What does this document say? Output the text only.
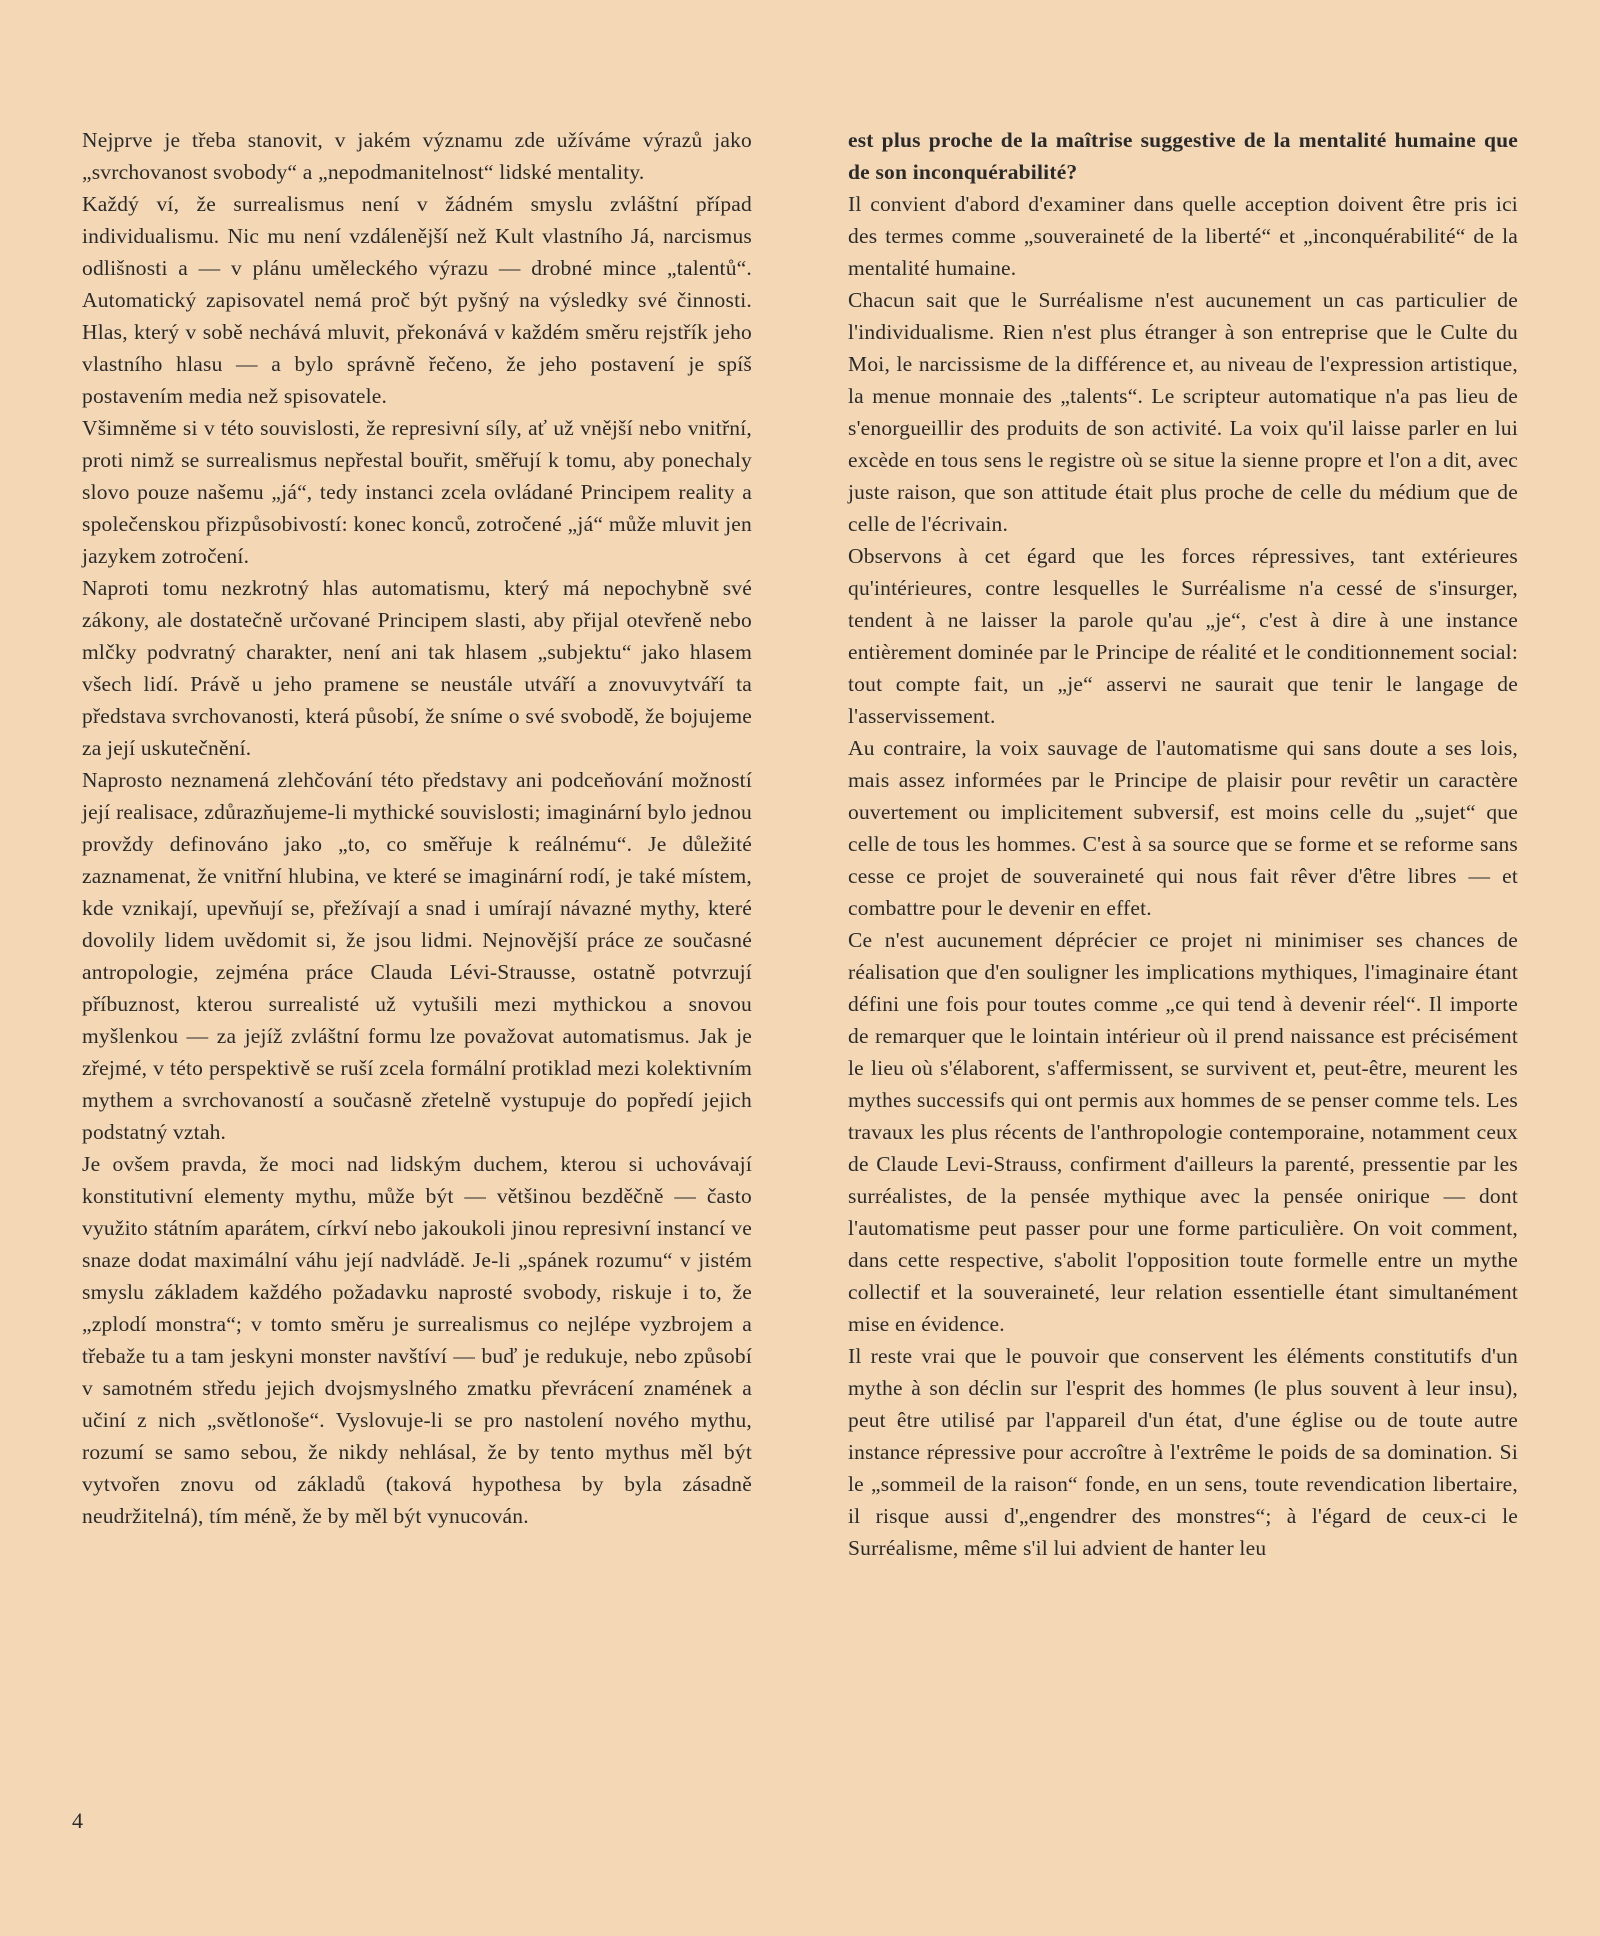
Nejprve je třeba stanovit, v jakém významu zde užíváme výrazů jako „svrchovanost svobody“ a „nepodmanitelnost“ lidské mentality.

Každý ví, že surrealismus není v žádném smyslu zvláštní případ individualismu. Nic mu není vzdálenější než Kult vlastního Já, narcismus odlišnosti a — v plánu uměleckého výrazu — drobné mince „talentů“. Automatický zapisovatel nemá proč být pyšný na výsledky své činnosti. Hlas, který v sobě nechává mluvit, překonává v každém směru rejstřík jeho vlastního hlasu — a bylo správně řečeno, že jeho postavení je spíš postavením media než spisovatele.

Všimněme si v této souvislosti, že represivní síly, ať už vnější nebo vnitřní, proti nimž se surrealismus nepřestal bouřit, směřují k tomu, aby ponechaly slovo pouze našemu „já“, tedy instanci zcela ovládané Principem reality a společenskou přizpůsobivostí: konec konců, zotročené „já“ může mluvit jen jazykem zotročení.

Naproti tomu nezkrotný hlas automatismu, který má nepochybně své zákony, ale dostatečně určované Principem slasti, aby přijal otevřeně nebo mlčky podvratný charakter, není ani tak hlasem „subjektu“ jako hlasem všech lidí. Právě u jeho pramene se neustále utváří a znovuvytváří ta představa svrchovanosti, která působí, že sníme o své svobodě, že bojujeme za její uskutečnění.

Naprosto neznamená zlehčování této představy ani podceňování možností její realisace, zdůrazňujeme-li mythické souvislosti; imaginární bylo jednou provždy definováno jako „to, co směřuje k reálnému“. Je důležité zaznamenat, že vnitřní hlubina, ve které se imaginární rodí, je také místem, kde vznikají, upevňují se, přežívají a snad i umírají návazné mythy, které dovolily lidem uvědomit si, že jsou lidmi. Nejnovější práce ze současné antropologie, zejména práce Clauda Lévi-Strausse, ostatně potvrzují příbuznost, kterou surrealisté už vytušili mezi mythickou a snovou myšlenkou — za jejíž zvláštní formu lze považovat automatismus. Jak je zřejmé, v této perspektivě se ruší zcela formální protiklad mezi kolektivním mythem a svrchovaností a současně zřetelně vystupuje do popředí jejich podstatný vztah.

Je ovšem pravda, že moci nad lidským duchem, kterou si uchovávají konstitutivní elementy mythu, může být — většinou bezděčně — často využito státním aparátem, církví nebo jakoukoli jinou represivní instancí ve snaze dodat maximální váhu její nadvládě. Je-li „spánek rozumu“ v jistém smyslu základem každého požadavku naprosté svobody, riskuje i to, že „zplodí monstra“; v tomto směru je surrealismus co nejlépe vyzbrojem a třebaže tu a tam jeskyni monster navštíví — buď je redukuje, nebo způsobí v samotném středu jejich dvojsmyslného zmatku převrácení znamének a učiní z nich „světlonoše“. Vyslovuje-li se pro nastolení nového mythu, rozumí se samo sebou, že nikdy nehlásal, že by tento mythus měl být vytvořen znovu od základů (taková hypothesa by byla zásadně neudržitelná), tím méně, že by měl být vynucován.

est plus proche de la maîtrise suggestive de la mentalité humaine que de son inconquérabilité?

Il convient d'abord d'examiner dans quelle acception doivent être pris ici des termes comme „souveraineté de la liberté“ et „inconquérabilité“ de la mentalité humaine.

Chacun sait que le Surréalisme n'est aucunement un cas particulier de l'individualisme. Rien n'est plus étranger à son entreprise que le Culte du Moi, le narcissisme de la différence et, au niveau de l'expression artistique, la menue monnaie des „talents“. Le scripteur automatique n'a pas lieu de s'enorgueillir des produits de son activité. La voix qu'il laisse parler en lui excède en tous sens le registre où se situe la sienne propre et l'on a dit, avec juste raison, que son attitude était plus proche de celle du médium que de celle de l'écrivain.

Observons à cet égard que les forces répressives, tant extérieures qu'intérieures, contre lesquelles le Surréalisme n'a cessé de s'insurger, tendent à ne laisser la parole qu'au „je“, c'est à dire à une instance entièrement dominée par le Principe de réalité et le conditionnement social: tout compte fait, un „je“ asservi ne saurait que tenir le langage de l'asservissement.

Au contraire, la voix sauvage de l'automatisme qui sans doute a ses lois, mais assez informées par le Principe de plaisir pour revêtir un caractère ouvertement ou implicitement subversif, est moins celle du „sujet“ que celle de tous les hommes. C'est à sa source que se forme et se reforme sans cesse ce projet de souveraineté qui nous fait rêver d'être libres — et combattre pour le devenir en effet.

Ce n'est aucunement déprécier ce projet ni minimiser ses chances de réalisation que d'en souligner les implications mythiques, l'imaginaire étant défini une fois pour toutes comme „ce qui tend à devenir réel“. Il importe de remarquer que le lointain intérieur où il prend naissance est précisément le lieu où s'élaborent, s'affermissent, se survivent et, peut-être, meurent les mythes successifs qui ont permis aux hommes de se penser comme tels. Les travaux les plus récents de l'anthropologie contemporaine, notamment ceux de Claude Levi-Strauss, confirment d'ailleurs la parenté, pressentie par les surréalistes, de la pensée mythique avec la pensée onirique — dont l'automatisme peut passer pour une forme particulière. On voit comment, dans cette respective, s'abolit l'opposition toute formelle entre un mythe collectif et la souveraineté, leur relation essentielle étant simultanément mise en évidence.

Il reste vrai que le pouvoir que conservent les éléments constitutifs d'un mythe à son déclin sur l'esprit des hommes (le plus souvent à leur insu), peut être utilisé par l'appareil d'un état, d'une église ou de toute autre instance répressive pour accroître à l'extrême le poids de sa domination. Si le „sommeil de la raison“ fonde, en un sens, toute revendication libertaire, il risque aussi d'„engendrer des monstres“; à l'égard de ceux-ci le Surréalisme, même s'il lui advient de hanter leu

4
